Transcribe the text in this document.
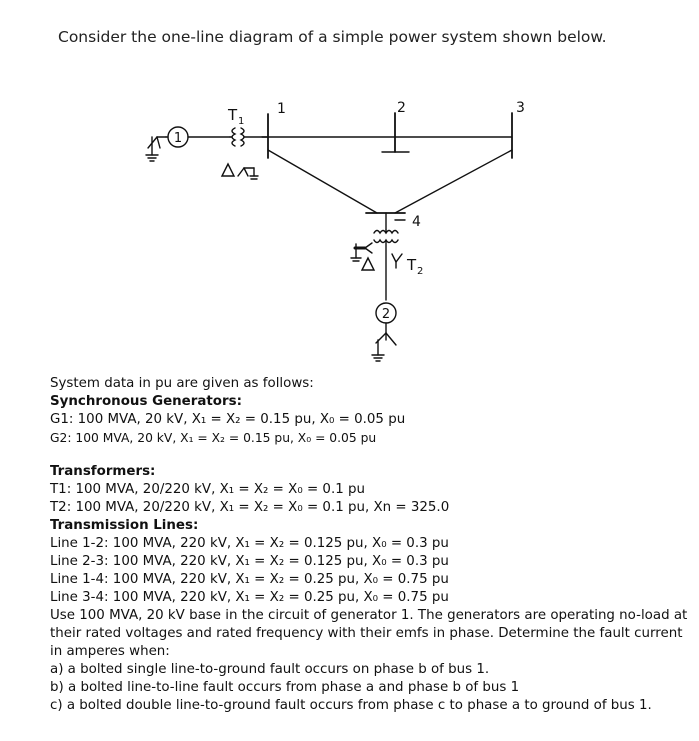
Consider the one-line diagram of a simple power system shown below.
1
T 1
1	2	3
4
T 2
2
System data in pu are given as follows:
Synchronous Generators:
G1: 100 MVA, 20 kV, X₁ = X₂ = 0.15 pu, X₀ = 0.05 pu
G2: 100 MVA, 20 kV, X₁ = X₂ = 0.15 pu, X₀ = 0.05 pu
Transformers:
T1: 100 MVA, 20/220 kV, X₁ = X₂ = X₀ = 0.1 pu
T2: 100 MVA, 20/220 kV, X₁ = X₂ = X₀ = 0.1 pu, Xn = 325.0
Transmission Lines:
Line 1-2: 100 MVA, 220 kV, X₁ = X₂ = 0.125 pu, X₀ = 0.3 pu
Line 2-3: 100 MVA, 220 kV, X₁ = X₂ = 0.125 pu, X₀ = 0.3 pu
Line 1-4: 100 MVA, 220 kV, X₁ = X₂ = 0.25 pu, X₀ = 0.75 pu
Line 3-4: 100 MVA, 220 kV, X₁ = X₂ = 0.25 pu, X₀ = 0.75 pu
Use 100 MVA, 20 kV base in the circuit of generator 1. The generators are operating no-load at their rated voltages and rated frequency with their emfs in phase. Determine the fault current in amperes when:
a) a bolted single line-to-ground fault occurs on phase b of bus 1.
b) a bolted line-to-line fault occurs from phase a and phase b of bus 1
c) a bolted double line-to-ground fault occurs from phase c to phase a to ground of bus 1.
